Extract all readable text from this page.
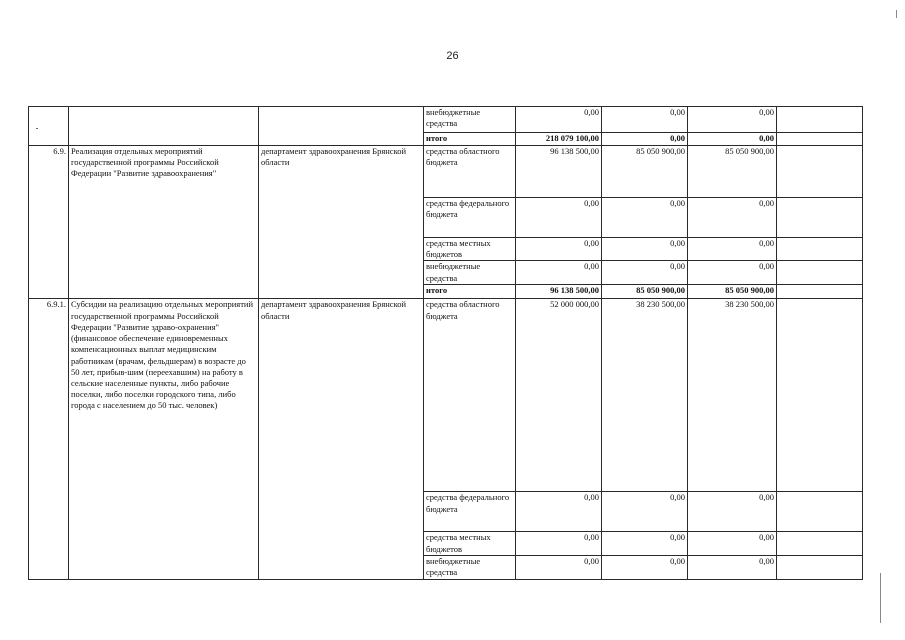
26
			внебюджетные средства	0,00	0,00	0,00	
			итого	218 079 100,00	0,00	0,00	
6.9.	Реализация отдельных мероприятий государственной программы Российской Федерации "Развитие здравоохранения"	департамент здравоохранения Брянской области	средства областного бюджета	96 138 500,00	85 050 900,00	85 050 900,00	
			средства федерального бюджета	0,00	0,00	0,00	
			средства местных бюджетов	0,00	0,00	0,00	
			внебюджетные средства	0,00	0,00	0,00	
			итого	96 138 500,00	85 050 900,00	85 050 900,00	
6.9.1.	Субсидии на реализацию отдельных мероприятий государственной программы Российской Федерации "Развитие здраво-охранения" (финансовое обеспечение единовременных компенсационных выплат медицинским работникам (врачам, фельдшерам) в возрасте до 50 лет, прибыв-шим (переехавшим) на работу в сельские населенные пункты, либо рабочие поселки, либо поселки городского типа, либо города с населением до 50 тыс. человек)	департамент здравоохранения Брянской области	средства областного бюджета	52 000 000,00	38 230 500,00	38 230 500,00	
			средства федерального бюджета	0,00	0,00	0,00	
			средства местных бюджетов	0,00	0,00	0,00	
			внебюджетные средства	0,00	0,00	0,00	
